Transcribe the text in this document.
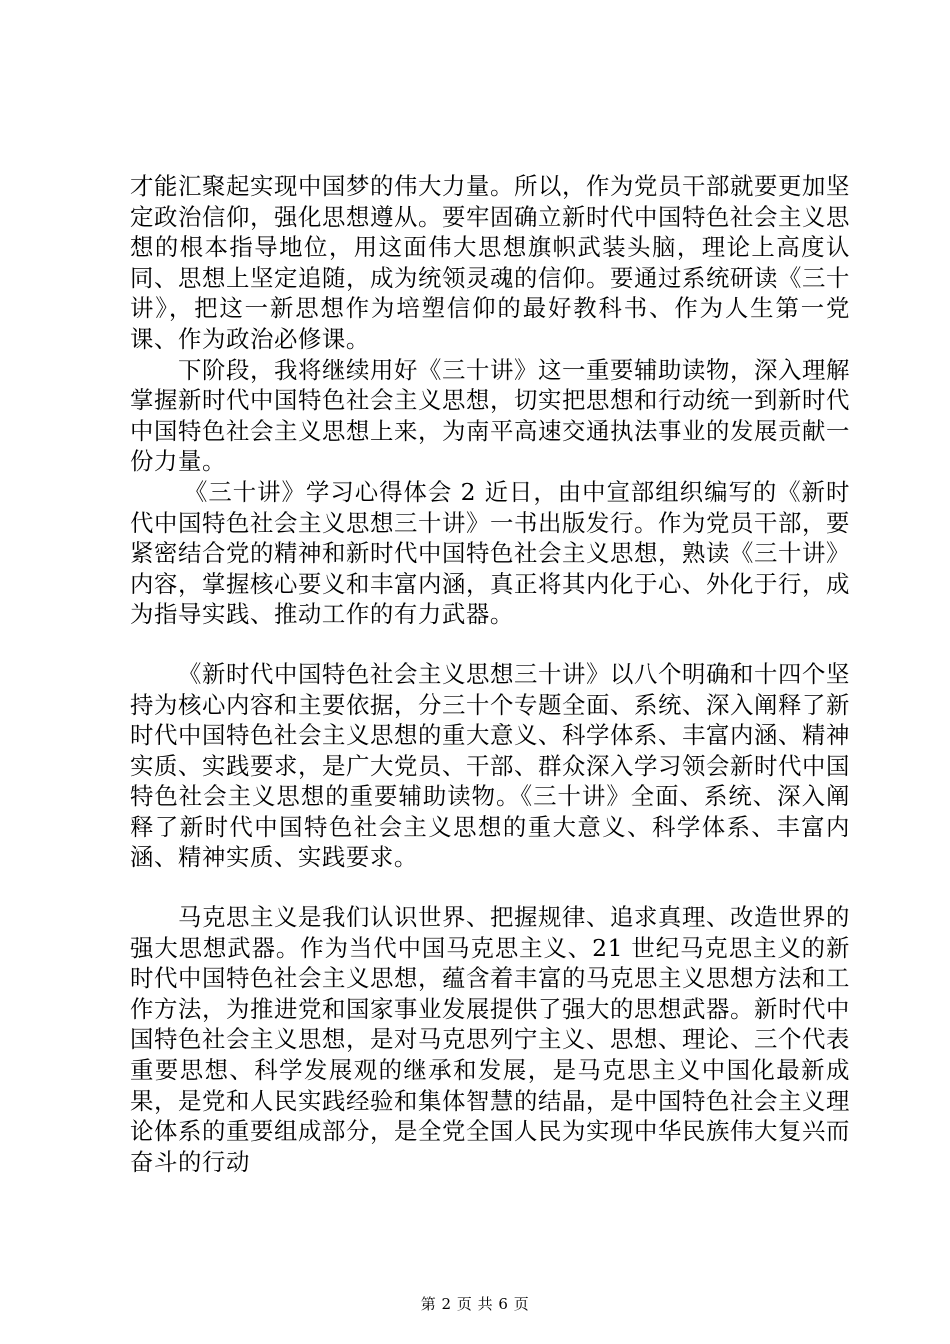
才能汇聚起实现中国梦的伟大力量。所以，作为党员干部就要更加坚定政治信仰，强化思想遵从。要牢固确立新时代中国特色社会主义思想的根本指导地位，用这面伟大思想旗帜武装头脑，理论上高度认同、思想上坚定追随，成为统领灵魂的信仰。要通过系统研读《三十讲》，把这一新思想作为培塑信仰的最好教科书、作为人生第一党课、作为政治必修课。

下阶段，我将继续用好《三十讲》这一重要辅助读物，深入理解掌握新时代中国特色社会主义思想，切实把思想和行动统一到新时代中国特色社会主义思想上来，为南平高速交通执法事业的发展贡献一份力量。

《三十讲》学习心得体会 2 近日，由中宣部组织编写的《新时代中国特色社会主义思想三十讲》一书出版发行。作为党员干部，要紧密结合党的精神和新时代中国特色社会主义思想，熟读《三十讲》内容，掌握核心要义和丰富内涵，真正将其内化于心、外化于行，成为指导实践、推动工作的有力武器。

《新时代中国特色社会主义思想三十讲》以八个明确和十四个坚持为核心内容和主要依据，分三十个专题全面、系统、深入阐释了新时代中国特色社会主义思想的重大意义、科学体系、丰富内涵、精神实质、实践要求，是广大党员、干部、群众深入学习领会新时代中国特色社会主义思想的重要辅助读物。《三十讲》全面、系统、深入阐释了新时代中国特色社会主义思想的重大意义、科学体系、丰富内涵、精神实质、实践要求。

马克思主义是我们认识世界、把握规律、追求真理、改造世界的强大思想武器。作为当代中国马克思主义、21 世纪马克思主义的新时代中国特色社会主义思想，蕴含着丰富的马克思主义思想方法和工作方法，为推进党和国家事业发展提供了强大的思想武器。新时代中国特色社会主义思想，是对马克思列宁主义、思想、理论、三个代表重要思想、科学发展观的继承和发展，是马克思主义中国化最新成果，是党和人民实践经验和集体智慧的结晶，是中国特色社会主义理论体系的重要组成部分，是全党全国人民为实现中华民族伟大复兴而奋斗的行动

第 2 页 共 6 页
